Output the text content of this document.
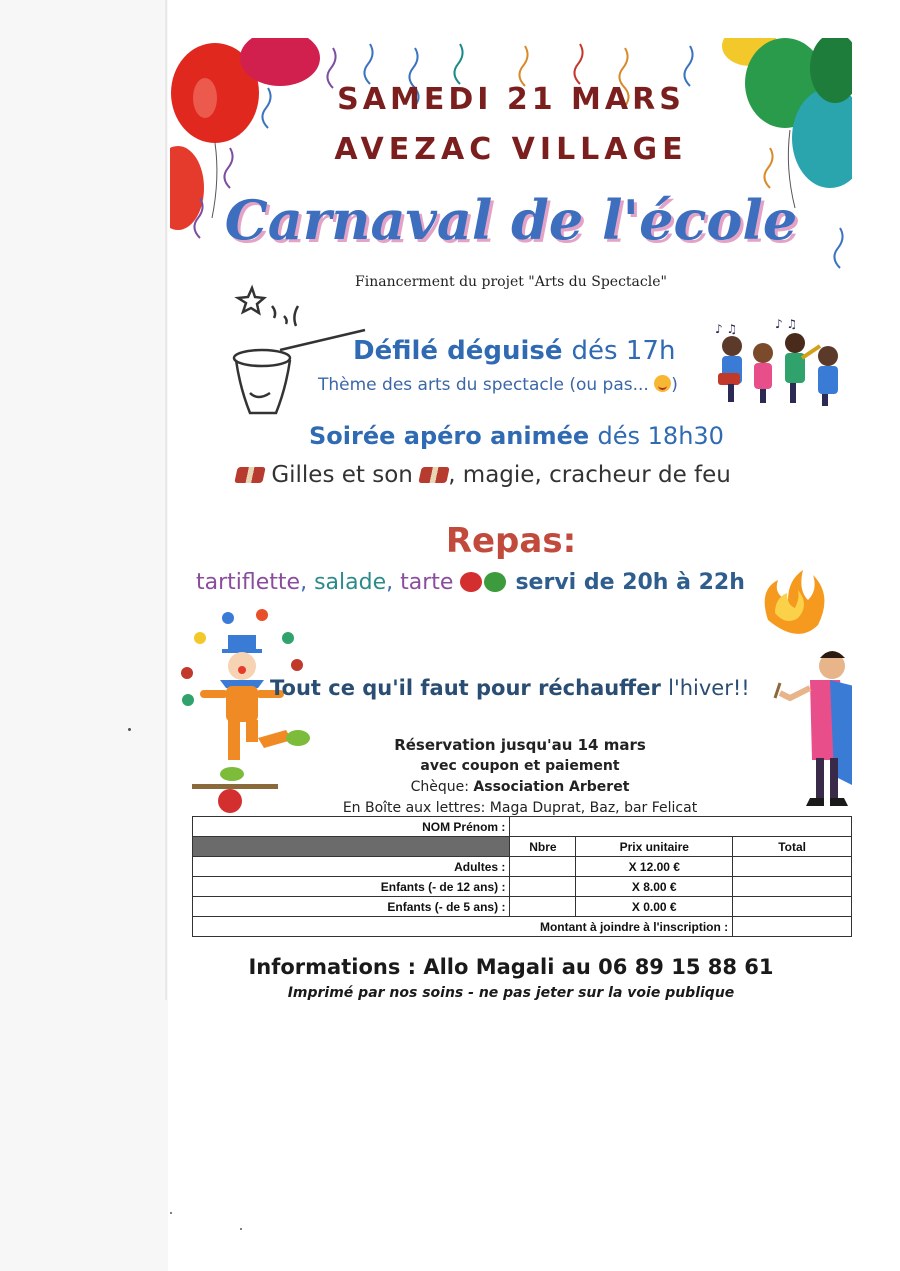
♪ ♫	♪ ♫
SAMEDI 21 MARS
AVEZAC VILLAGE
Carnaval de l'école
Financerment du projet "Arts du Spectacle"
Défilé déguisé dés 17h
Thème des arts du spectacle (ou pas... )
Soirée apéro animée dés 18h30
Gilles et son , magie, cracheur de feu
Repas:
tartiflette, salade, tarte	servi de 20h à 22h
Tout ce qu'il faut pour réchauffer l'hiver!!
Réservation jusqu'au 14 mars
avec coupon et paiement
Chèque: Association Arberet
En Boîte aux lettres: Maga Duprat, Baz, bar Felicat
NOM Prénom :			
	Nbre	Prix unitaire	Total
Adultes :		X 12.00 €	
Enfants (- de 12 ans) :		X 8.00 €	
Enfants (- de 5 ans) :		X 0.00 €	
Montant à joindre à l'inscription :			
Informations : Allo Magali au 06 89 15 88 61
Imprimé par nos soins - ne pas jeter sur la voie publique
